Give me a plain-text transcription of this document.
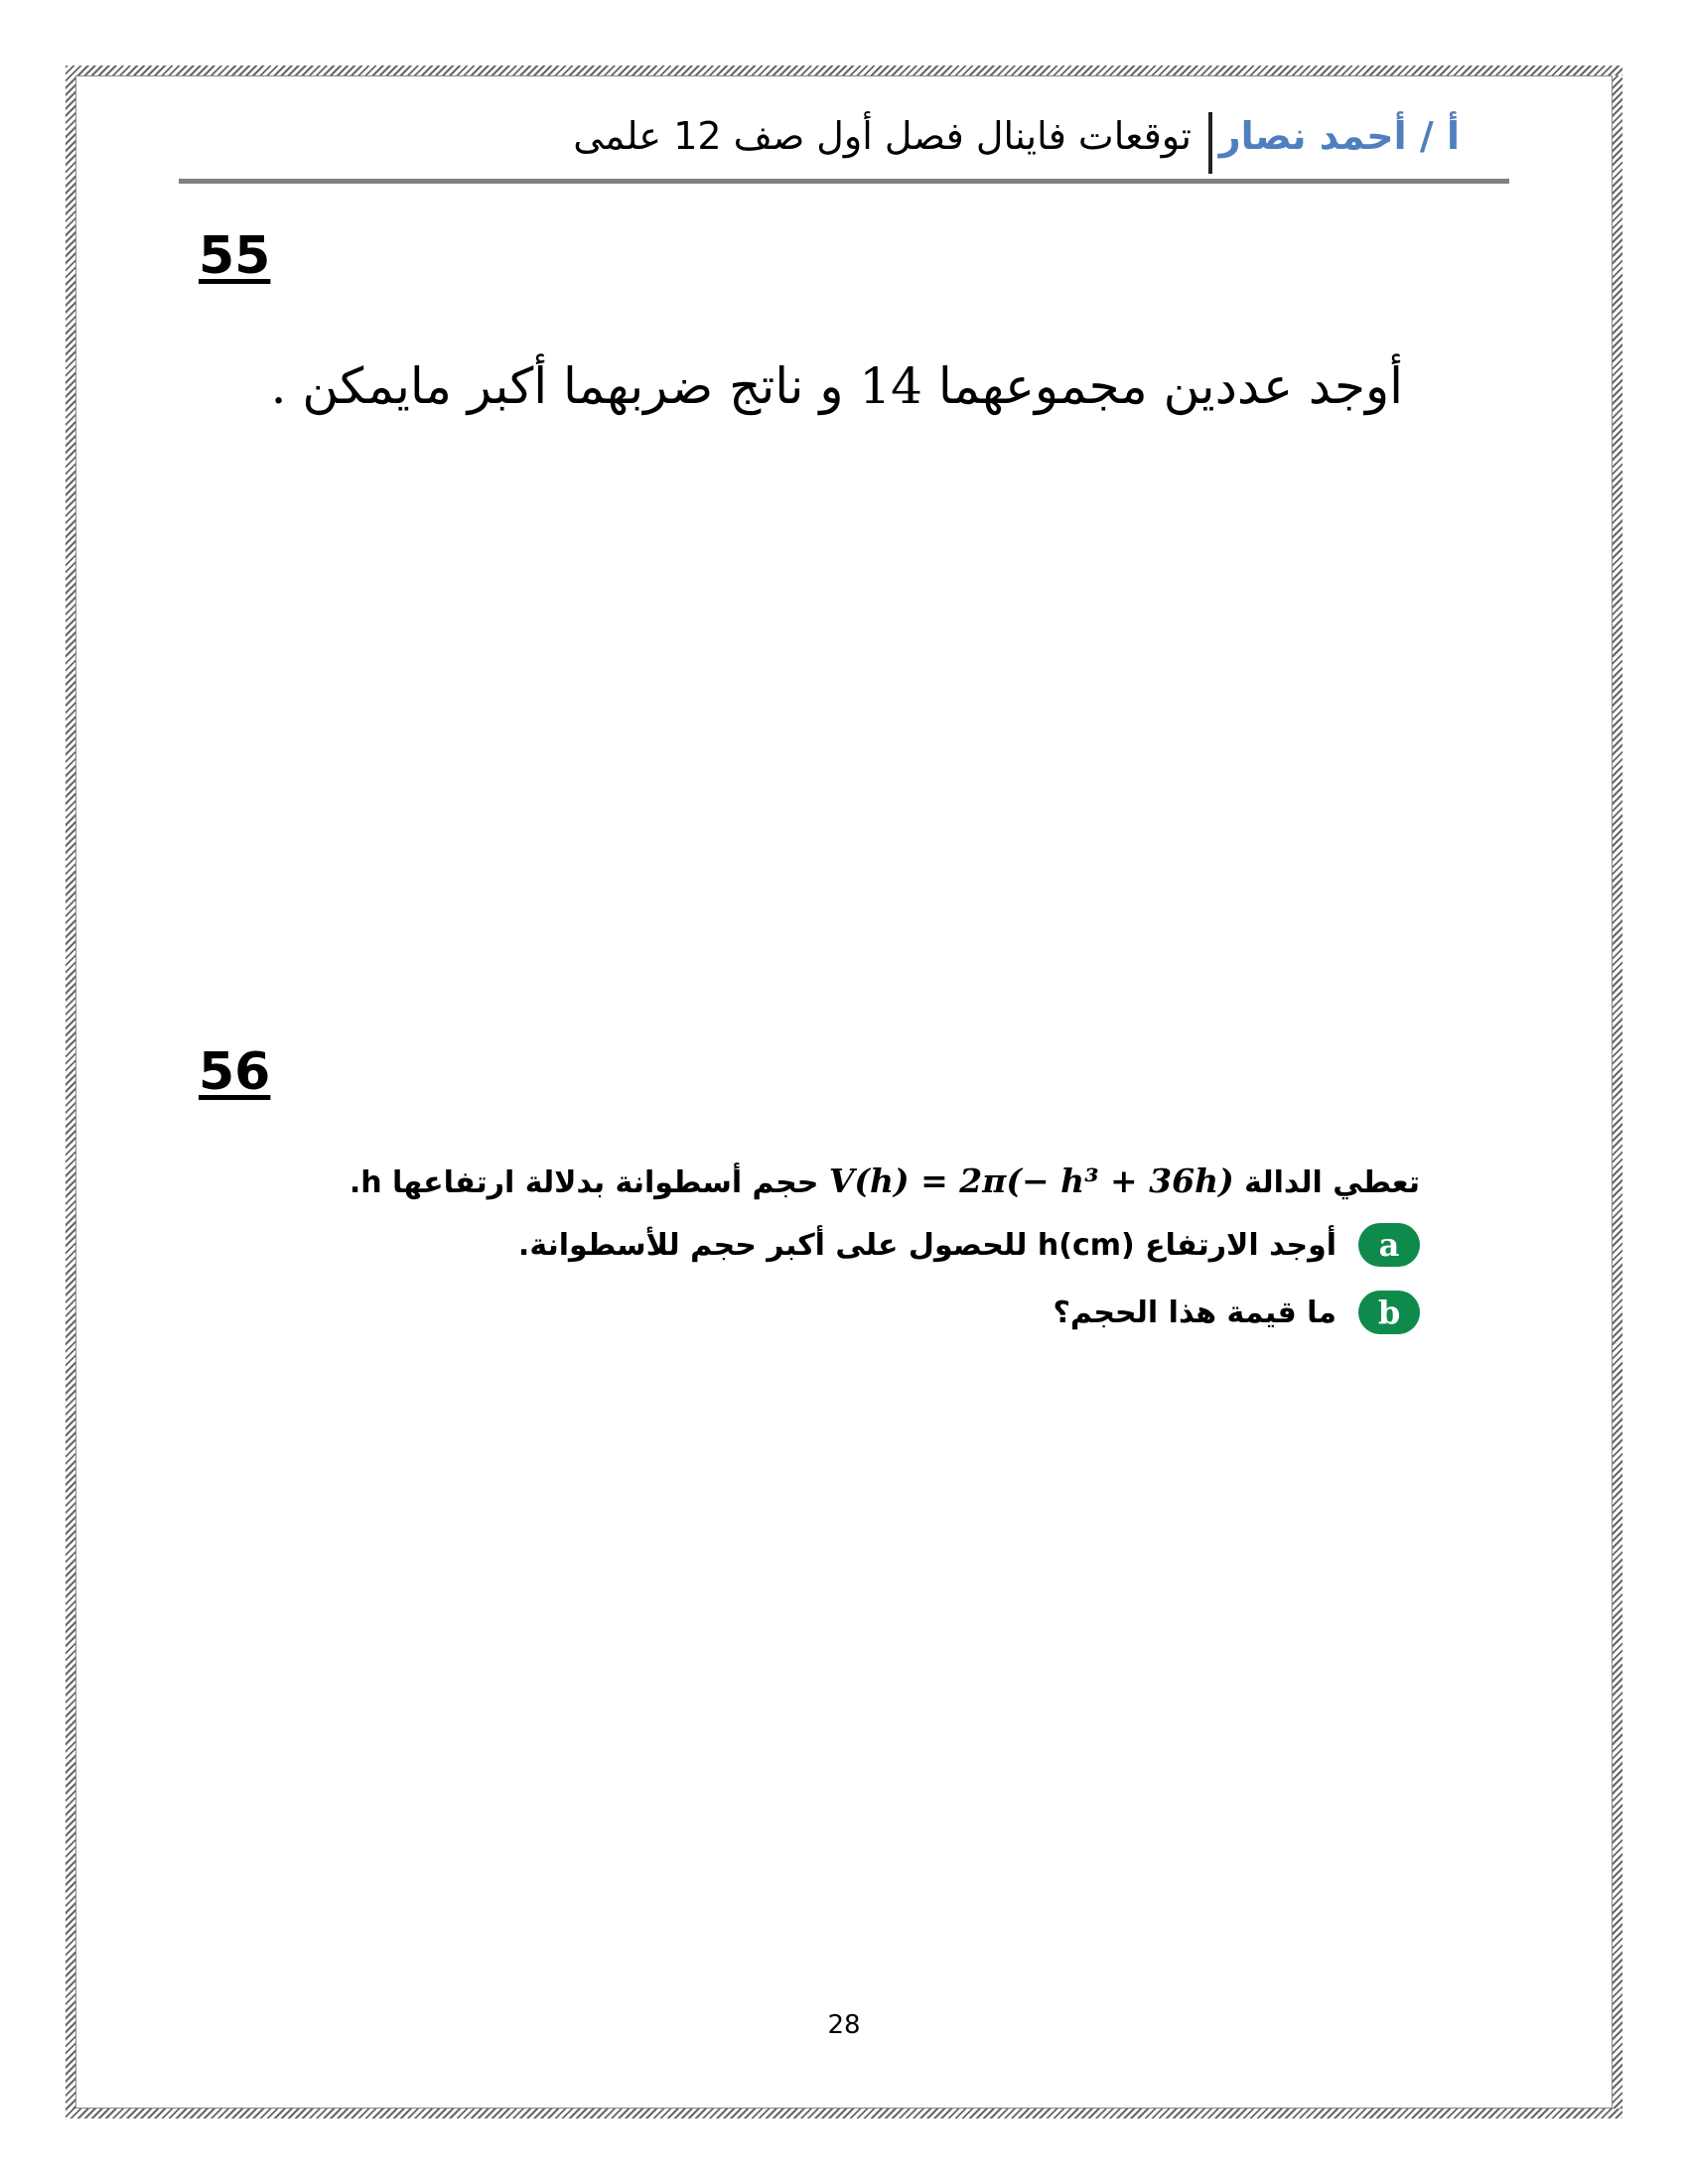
أ / أحمد نصار
توقعات فاينال فصل أول صف 12 علمى
55
أوجد عددين مجموعهما 14 و ناتج ضربهما أكبر مايمكن .
56
تعطي الدالة V(h) = 2π(− h³ + 36h) حجم أسطوانة بدلالة ارتفاعها h.
a
أوجد الارتفاع h(cm) للحصول على أكبر حجم للأسطوانة.
b
ما قيمة هذا الحجم؟
28
